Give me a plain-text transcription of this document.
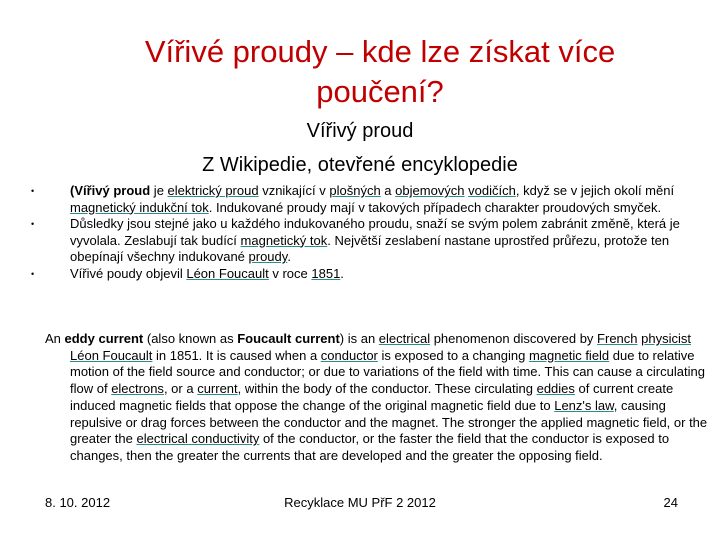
Vířivé proudy – kde lze získat více
poučení?
Vířivý proud
Z Wikipedie, otevřené encyklopedie
•	(Vířivý proud je elektrický proud vznikající v plošných a objemových vodičích, když se v jejich okolí mění magnetický indukční tok. Indukované proudy mají v takových případech charakter proudových smyček.
•	Důsledky jsou stejné jako u každého indukovaného proudu, snaží se svým polem zabránit změně, která je vyvolala. Zeslabují tak budící magnetický tok. Největší zeslabení nastane uprostřed průřezu, protože ten obepínají všechny indukované proudy.
•	Vířivé poudy objevil Léon Foucault v roce 1851.

An eddy current (also known as Foucault current) is an electrical phenomenon discovered by French physicist Léon Foucault in 1851. It is caused when a conductor is exposed to a changing magnetic field due to relative motion of the field source and conductor; or due to variations of the field with time. This can cause a circulating flow of electrons, or a current, within the body of the conductor. These circulating eddies of current create induced magnetic fields that oppose the change of the original magnetic field due to Lenz's law, causing repulsive or drag forces between the conductor and the magnet. The stronger the applied magnetic field, or the greater the electrical conductivity of the conductor, or the faster the field that the conductor is exposed to changes, then the greater the currents that are developed and the greater the opposing field.

8. 10. 2012	Recyklace MU PřF 2 2012	24
